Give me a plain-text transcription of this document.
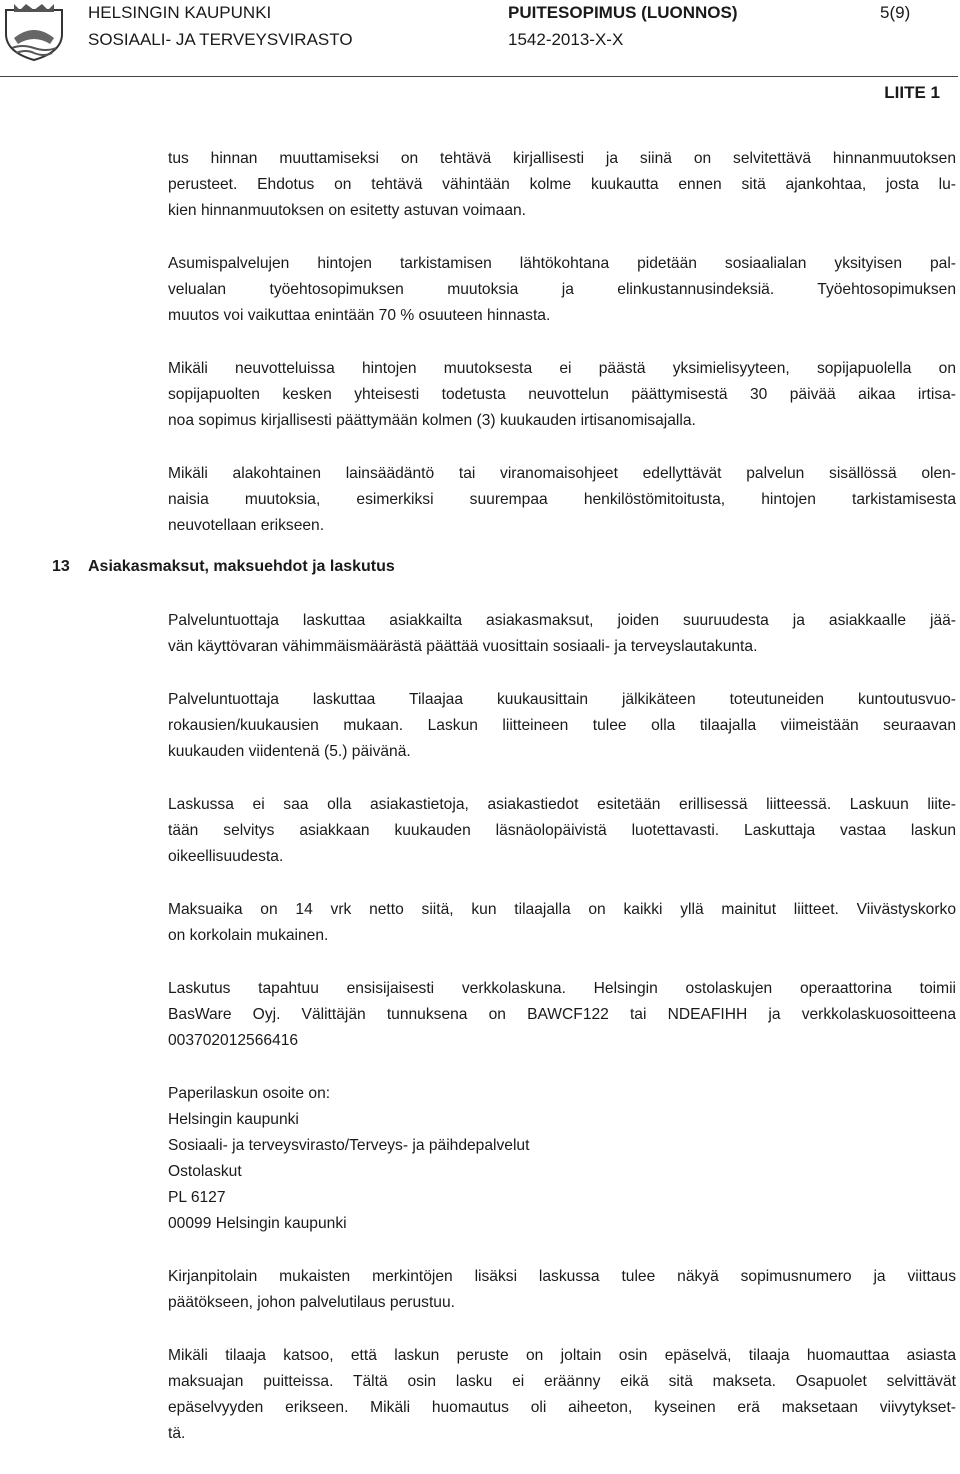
HELSINGIN KAUPUNKI
SOSIAALI- JA TERVEYSVIRASTO
PUITESOPIMUS (LUONNOS)
1542-2013-X-X
5(9)
LIITE 1
tus hinnan muuttamiseksi on tehtävä kirjallisesti ja siinä on selvitettävä hinnanmuutoksen
perusteet. Ehdotus on tehtävä vähintään kolme kuukautta ennen sitä ajankohtaa, josta lu-
kien hinnanmuutoksen on esitetty astuvan voimaan.
Asumispalvelujen hintojen tarkistamisen lähtökohtana pidetään sosiaalialan yksityisen pal-
velualan työehtosopimuksen muutoksia ja elinkustannusindeksiä. Työehtosopimuksen
muutos voi vaikuttaa enintään 70 % osuuteen hinnasta.
Mikäli neuvotteluissa hintojen muutoksesta ei päästä yksimielisyyteen, sopijapuolella on
sopijapuolten kesken yhteisesti todetusta neuvottelun päättymisestä 30 päivää aikaa irtisa-
noa sopimus kirjallisesti päättymään kolmen (3) kuukauden irtisanomisajalla.
Mikäli alakohtainen lainsäädäntö tai viranomaisohjeet edellyttävät palvelun sisällössä olen-
naisia muutoksia, esimerkiksi suurempaa henkilöstömitoitusta, hintojen tarkistamisesta
neuvotellaan erikseen.
13 Asiakasmaksut, maksuehdot ja laskutus
Palveluntuottaja laskuttaa asiakkailta asiakasmaksut, joiden suuruudesta ja asiakkaalle jää-
vän käyttövaran vähimmäismäärästä päättää vuosittain sosiaali- ja terveyslautakunta.
Palveluntuottaja laskuttaa Tilaajaa kuukausittain jälkikäteen toteutuneiden kuntoutusvuo-
rokausien/kuukausien mukaan. Laskun liitteineen tulee olla tilaajalla viimeistään seuraavan
kuukauden viidentenä (5.) päivänä.
Laskussa ei saa olla asiakastietoja, asiakastiedot esitetään erillisessä liitteessä. Laskuun liite-
tään selvitys asiakkaan kuukauden läsnäolopäivistä luotettavasti. Laskuttaja vastaa laskun
oikeellisuudesta.
Maksuaika on 14 vrk netto siitä, kun tilaajalla on kaikki yllä mainitut liitteet. Viivästyskorko
on korkolain mukainen.
Laskutus tapahtuu ensisijaisesti verkkolaskuna. Helsingin ostolaskujen operaattorina toimii
BasWare Oyj. Välittäjän tunnuksena on BAWCF122 tai NDEAFIHH ja verkkolaskuosoitteena
003702012566416
Paperilaskun osoite on:
Helsingin kaupunki
Sosiaali- ja terveysvirasto/Terveys- ja päihdepalvelut
Ostolaskut
PL 6127
00099 Helsingin kaupunki
Kirjanpitolain mukaisten merkintöjen lisäksi laskussa tulee näkyä sopimusnumero ja viittaus
päätökseen, johon palvelutilaus perustuu.
Mikäli tilaaja katsoo, että laskun peruste on joltain osin epäselvä, tilaaja huomauttaa asiasta
maksuajan puitteissa. Tältä osin lasku ei eräänny eikä sitä makseta. Osapuolet selvittävät
epäselvyyden erikseen. Mikäli huomautus oli aiheeton, kyseinen erä maksetaan viivytykset-
tä.
